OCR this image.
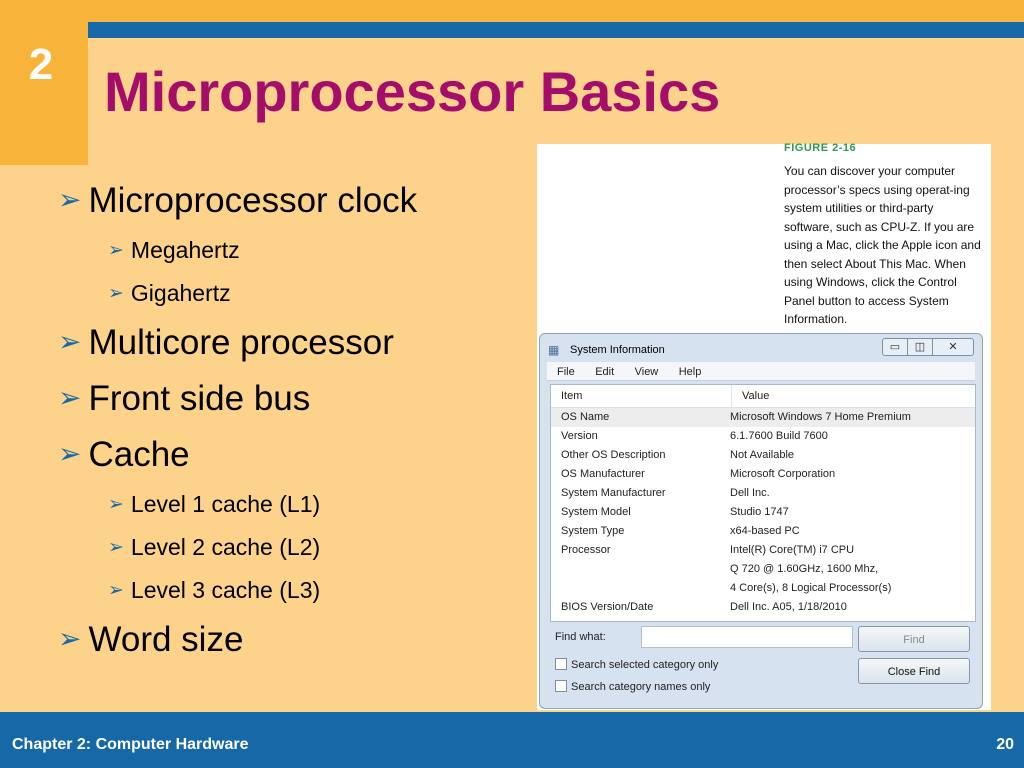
2 Microprocessor Basics
➢ Microprocessor clock
➢ Megahertz
➢ Gigahertz
➢ Multicore processor
➢ Front side bus
➢ Cache
➢ Level 1 cache (L1)
➢ Level 2 cache (L2)
➢ Level 3 cache (L3)
➢ Word size
FIGURE 2-16

You can discover your computer processor’s specs using operat-ing system utilities or third-party software, such as CPU-Z. If you are using a Mac, click the Apple icon and then select About This Mac. When using Windows, click the Control Panel button to access System Information.

▦ System Information	▭	◫	✕
File Edit View Help
Item	Value
OS Name	Microsoft Windows 7 Home Premium
Version	6.1.7600 Build 7600
Other OS Description	Not Available
OS Manufacturer	Microsoft Corporation
System Manufacturer	Dell Inc.
System Model	Studio 1747
System Type	x64-based PC
Processor	Intel(R) Core(TM) i7 CPU
Q 720 @ 1.60GHz, 1600 Mhz,
4 Core(s), 8 Logical Processor(s)
BIOS Version/Date	Dell Inc. A05, 1/18/2010
Find what:	Find
Close Find
Search selected category only
Search category names only
Chapter 2: Computer Hardware	20
